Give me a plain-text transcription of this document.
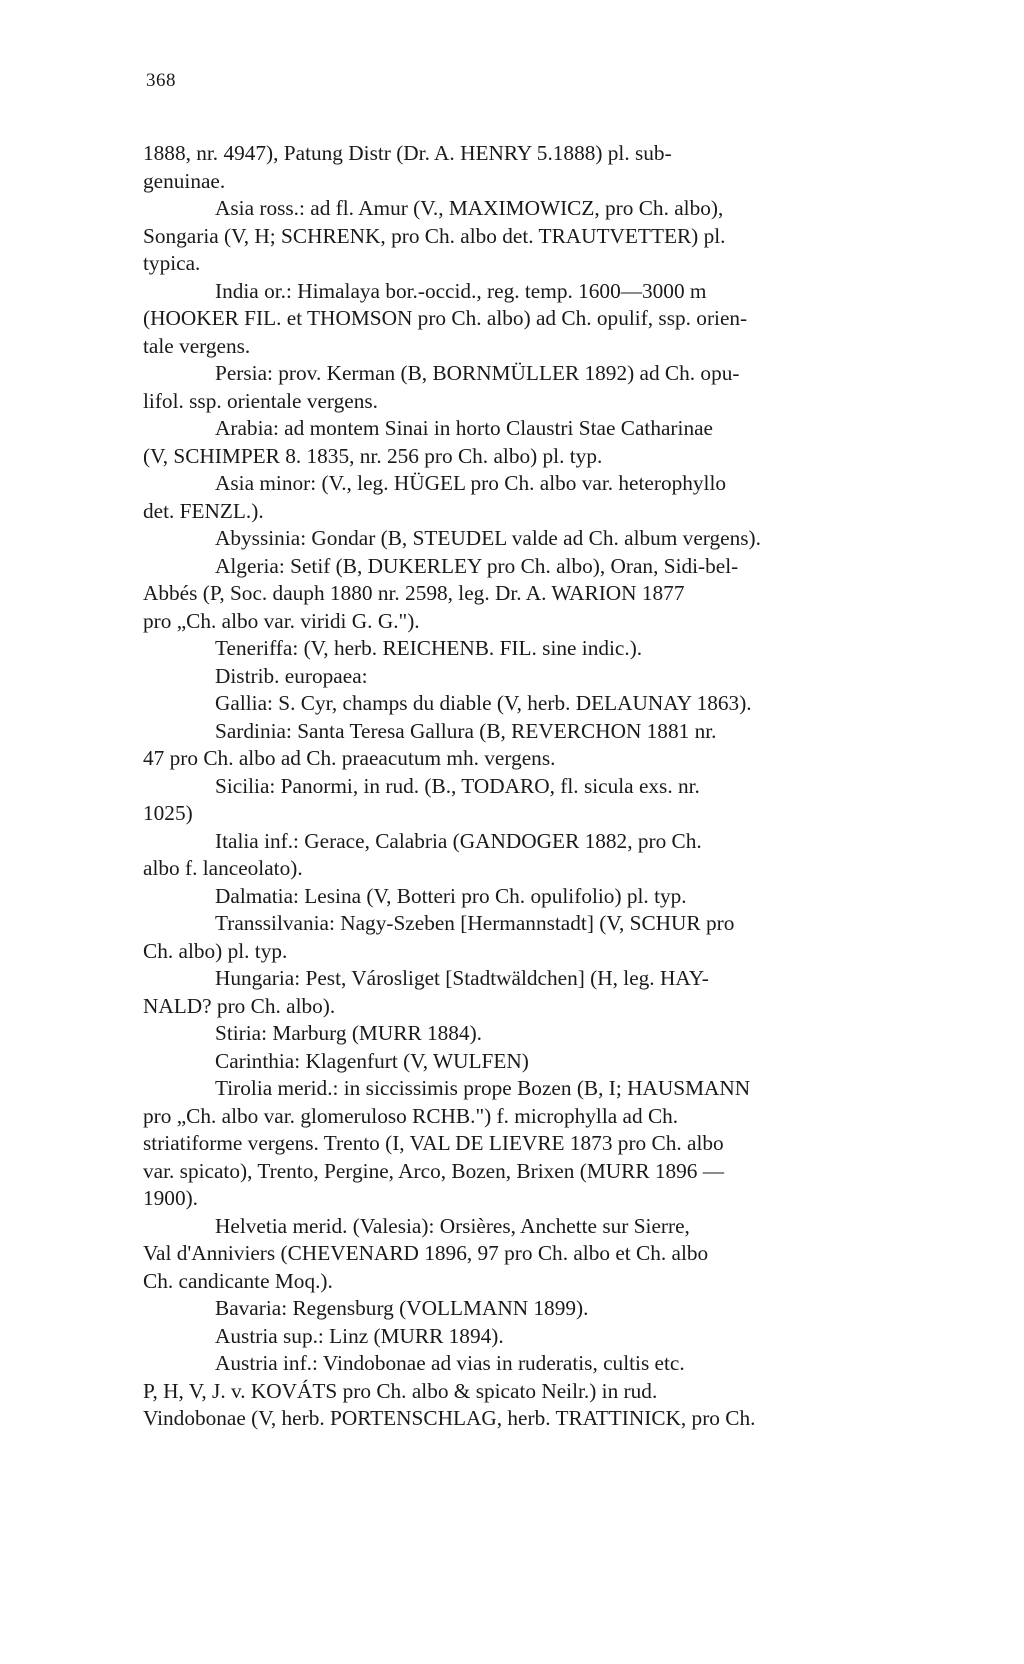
368
1888, nr. 4947), Patung Distr (Dr. A. HENRY 5.1888) pl. sub-
genuinae.
Asia ross.: ad fl. Amur (V., MAXIMOWICZ, pro Ch. albo),
Songaria (V, H; SCHRENK, pro Ch. albo det. TRAUTVETTER) pl.
typica.
India or.: Himalaya bor.-occid., reg. temp. 1600—3000 m
(HOOKER FIL. et THOMSON pro Ch. albo) ad Ch. opulif, ssp. orien-
tale vergens.
Persia: prov. Kerman (B, BORNMÜLLER 1892) ad Ch. opu-
lifol. ssp. orientale vergens.
Arabia: ad montem Sinai in horto Claustri Stae Catharinae
(V, SCHIMPER 8. 1835, nr. 256 pro Ch. albo) pl. typ.
Asia minor: (V., leg. HÜGEL pro Ch. albo var. heterophyllo
det. FENZL.).
Abyssinia: Gondar (B, STEUDEL valde ad Ch. album vergens).
Algeria: Setif (B, DUKERLEY pro Ch. albo), Oran, Sidi-bel-
Abbés (P, Soc. dauph 1880 nr. 2598, leg. Dr. A. WARION 1877
pro „Ch. albo var. viridi G. G.").
Teneriffa: (V, herb. REICHENB. FIL. sine indic.).
Distrib. europaea:
Gallia: S. Cyr, champs du diable (V, herb. DELAUNAY 1863).
Sardinia: Santa Teresa Gallura (B, REVERCHON 1881 nr.
47 pro Ch. albo ad Ch. praeacutum mh. vergens.
Sicilia: Panormi, in rud. (B., TODARO, fl. sicula exs. nr.
1025)
Italia inf.: Gerace, Calabria (GANDOGER 1882, pro Ch.
albo f. lanceolato).
Dalmatia: Lesina (V, Botteri pro Ch. opulifolio) pl. typ.
Transsilvania: Nagy-Szeben [Hermannstadt] (V, SCHUR pro
Ch. albo) pl. typ.
Hungaria: Pest, Városliget [Stadtwäldchen] (H, leg. HAY-
NALD? pro Ch. albo).
Stiria: Marburg (MURR 1884).
Carinthia: Klagenfurt (V, WULFEN)
Tirolia merid.: in siccissimis prope Bozen (B, I; HAUSMANN
pro „Ch. albo var. glomeruloso RCHB.") f. microphylla ad Ch.
striatiforme vergens. Trento (I, VAL DE LIEVRE 1873 pro Ch. albo
var. spicato), Trento, Pergine, Arco, Bozen, Brixen (MURR 1896 —
1900).
Helvetia merid. (Valesia): Orsières, Anchette sur Sierre,
Val d'Anniviers (CHEVENARD 1896, 97 pro Ch. albo et Ch. albo
Ch. candicante Moq.).
Bavaria: Regensburg (VOLLMANN 1899).
Austria sup.: Linz (MURR 1894).
Austria inf.: Vindobonae ad vias in ruderatis, cultis etc.
P, H, V, J. v. KOVÁTS pro Ch. albo & spicato Neilr.) in rud.
Vindobonae (V, herb. PORTENSCHLAG, herb. TRATTINICK, pro Ch.
